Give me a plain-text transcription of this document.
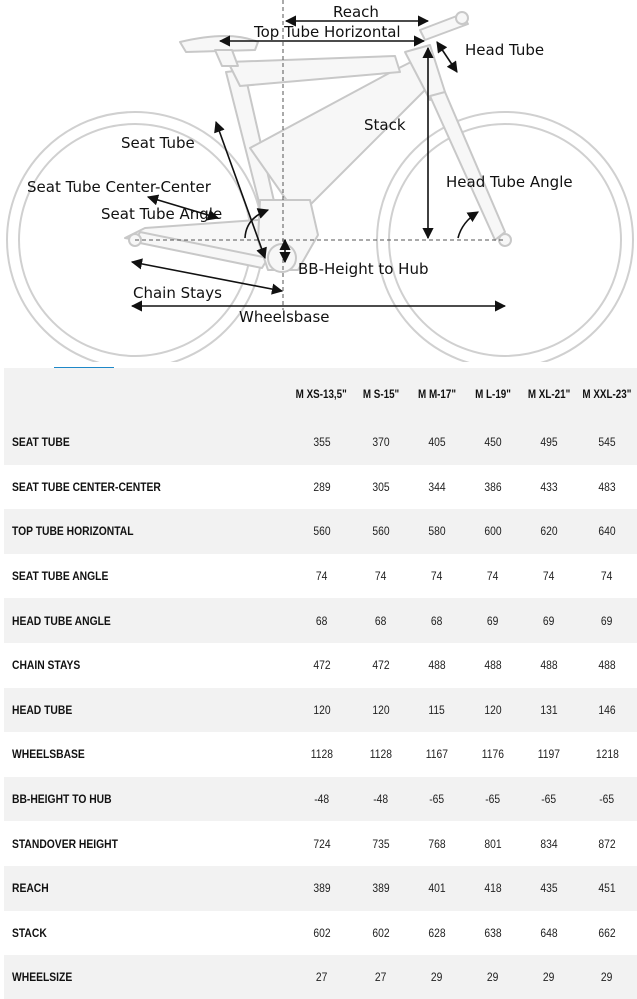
Reach
Top Tube Horizontal
Head Tube
Stack
Seat Tube
Head Tube Angle
Seat Tube Center-Center
Seat Tube Angle
BB-Height to Hub
Chain Stays
Wheelsbase
	M XS-13,5"	M S-15"	M M-17"	M L-19"	M XL-21"	M XXL-23"
SEAT TUBE	355	370	405	450	495	545
SEAT TUBE CENTER-CENTER	289	305	344	386	433	483
TOP TUBE HORIZONTAL	560	560	580	600	620	640
SEAT TUBE ANGLE	74	74	74	74	74	74
HEAD TUBE ANGLE	68	68	68	69	69	69
CHAIN STAYS	472	472	488	488	488	488
HEAD TUBE	120	120	115	120	131	146
WHEELSBASE	1128	1128	1167	1176	1197	1218
BB-HEIGHT TO HUB	-48	-48	-65	-65	-65	-65
STANDOVER HEIGHT	724	735	768	801	834	872
REACH	389	389	401	418	435	451
STACK	602	602	628	638	648	662
WHEELSIZE	27	27	29	29	29	29
